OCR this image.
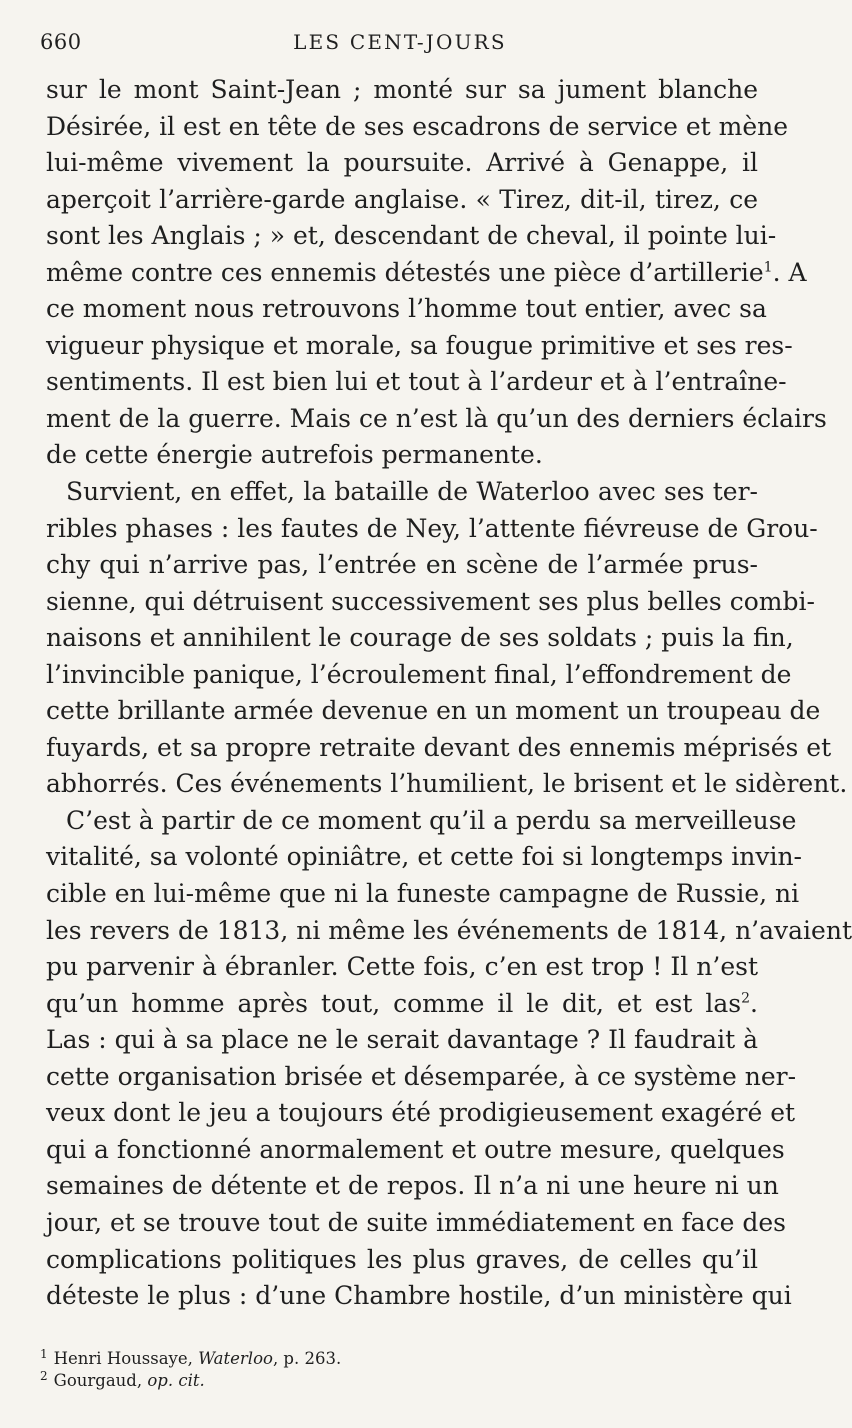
660	LES CENT-JOURS
sur le mont Saint-Jean ; monté sur sa jument blanche
Désirée, il est en tête de ses escadrons de service et mène
lui-même vivement la poursuite. Arrivé à Genappe, il
aperçoit l’arrière-garde anglaise. « Tirez, dit-il, tirez, ce
sont les Anglais ; » et, descendant de cheval, il pointe lui-
même contre ces ennemis détestés une pièce d’artillerie$^1$. A
ce moment nous retrouvons l’homme tout entier, avec sa
vigueur physique et morale, sa fougue primitive et ses res-
sentiments. Il est bien lui et tout à l’ardeur et à l’entraîne-
ment de la guerre. Mais ce n’est là qu’un des derniers éclairs
de cette énergie autrefois permanente.
Survient, en effet, la bataille de Waterloo avec ses ter-
ribles phases : les fautes de Ney, l’attente fiévreuse de Grou-
chy qui n’arrive pas, l’entrée en scène de l’armée prus-
sienne, qui détruisent successivement ses plus belles combi-
naisons et annihilent le courage de ses soldats ; puis la fin,
l’invincible panique, l’écroulement final, l’effondrement de
cette brillante armée devenue en un moment un troupeau de
fuyards, et sa propre retraite devant des ennemis méprisés et
abhorrés. Ces événements l’humilient, le brisent et le sidèrent.
C’est à partir de ce moment qu’il a perdu sa merveilleuse
vitalité, sa volonté opiniâtre, et cette foi si longtemps invin-
cible en lui-même que ni la funeste campagne de Russie, ni
les revers de 1813, ni même les événements de 1814, n’avaient
pu parvenir à ébranler. Cette fois, c’en est trop ! Il n’est
qu’un homme après tout, comme il le dit, et est las$^2$.
Las : qui à sa place ne le serait davantage ? Il faudrait à
cette organisation brisée et désemparée, à ce système ner-
veux dont le jeu a toujours été prodigieusement exagéré et
qui a fonctionné anormalement et outre mesure, quelques
semaines de détente et de repos. Il n’a ni une heure ni un
jour, et se trouve tout de suite immédiatement en face des
complications politiques les plus graves, de celles qu’il
déteste le plus : d’une Chambre hostile, d’un ministère qui
$^1$ Henri Houssaye, Waterloo, p. 263.
$^2$ Gourgaud, op. cit.
